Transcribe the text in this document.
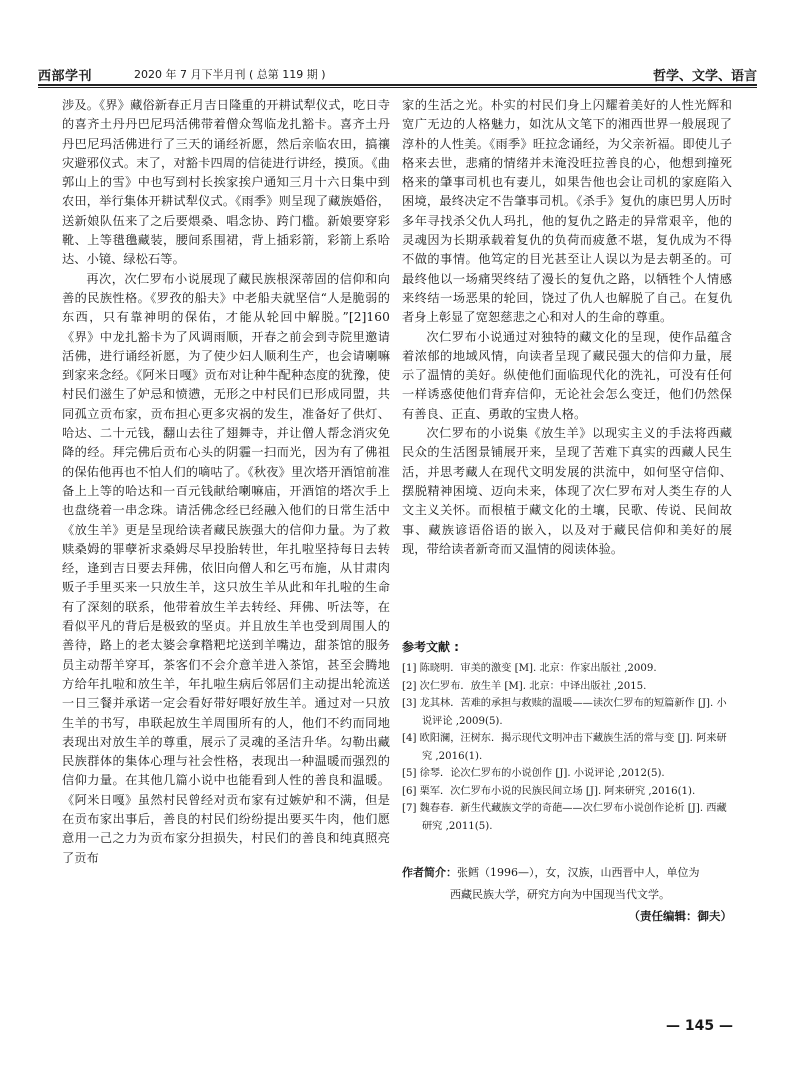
西部学刊	2020 年 7 月下半月刊 ( 总第 119 期 )	哲学、文学、语言

涉及。《界》藏俗新春正月吉日隆重的开耕试犁仪式，吃日寺的喜齐土丹丹巴尼玛活佛带着僧众驾临龙扎豁卡。喜齐土丹丹巴尼玛活佛进行了三天的诵经祈愿，然后亲临农田，搞禳灾避邪仪式。末了，对豁卡四周的信徒进行讲经，摸顶。《曲郭山上的雪》中也写到村长挨家挨户通知三月十六日集中到农田，举行集体开耕试犁仪式。《雨季》则呈现了藏族婚俗，送新娘队伍来了之后要煨桑、唱念协、跨门槛。新娘要穿彩靴、上等氆氇藏装，腰间系围裙，背上插彩箭，彩箭上系哈达、小镜、绿松石等。

再次，次仁罗布小说展现了藏民族根深蒂固的信仰和向善的民族性格。《罗孜的船夫》中老船夫就坚信“人是脆弱的东西，只有靠神明的保佑，才能从轮回中解脱。”[2]160《界》中龙扎豁卡为了风调雨顺，开春之前会到寺院里邀请活佛，进行诵经祈愿，为了使少妇人顺利生产，也会请喇嘛到家来念经。《阿米日嘎》贡布对让种牛配种态度的犹豫，使村民们滋生了妒忌和愤懑，无形之中村民们已形成同盟，共同孤立贡布家，贡布担心更多灾祸的发生，准备好了供灯、哈达、二十元钱，翻山去往了翅舞寺，并让僧人帮念消灾免降的经。拜完佛后贡布心头的阴霾一扫而光，因为有了佛祖的保佑他再也不怕人们的嘀咕了。《秋夜》里次塔开酒馆前准备上上等的哈达和一百元钱献给喇嘛庙，开酒馆的塔次手上也盘绕着一串念珠。请活佛念经已经融入他们的日常生活中《放生羊》更是呈现给读者藏民族强大的信仰力量。为了救赎桑姆的罪孽祈求桑姆尽早投胎转世，年扎啦坚持每日去转经，逢到吉日要去拜佛，依旧向僧人和乞丐布施，从甘肃肉贩子手里买来一只放生羊，这只放生羊从此和年扎啦的生命有了深刻的联系，他带着放生羊去转经、拜佛、听法等，在看似平凡的背后是极致的坚贞。并且放生羊也受到周围人的善待，路上的老太婆会拿糌粑坨送到羊嘴边，甜茶馆的服务员主动帮羊穿耳，茶客们不会介意羊进入茶馆，甚至会腾地方给年扎啦和放生羊，年扎啦生病后邻居们主动提出轮流送一日三餐并承诺一定会看好带好喂好放生羊。通过对一只放生羊的书写，串联起放生羊周围所有的人，他们不约而同地表现出对放生羊的尊重，展示了灵魂的圣洁升华。勾勒出藏民族群体的集体心理与社会性格，表现出一种温暖而强烈的信仰力量。在其他几篇小说中也能看到人性的善良和温暖。《阿米日嘎》虽然村民曾经对贡布家有过嫉妒和不满，但是在贡布家出事后，善良的村民们纷纷提出要买牛肉，他们愿意用一己之力为贡布家分担损失，村民们的善良和纯真照亮了贡布

家的生活之光。朴实的村民们身上闪耀着美好的人性光辉和宽广无边的人格魅力，如沈从文笔下的湘西世界一般展现了淳朴的人性美。《雨季》旺拉念诵经，为父亲祈福。即使儿子格来去世，悲痛的情绪并未淹没旺拉善良的心，他想到撞死格来的肇事司机也有妻儿，如果告他也会让司机的家庭陷入困境，最终决定不告肇事司机。《杀手》复仇的康巴男人历时多年寻找杀父仇人玛扎，他的复仇之路走的异常艰辛，他的灵魂因为长期承载着复仇的负荷而疲惫不堪，复仇成为不得不做的事情。他笃定的目光甚至让人误以为是去朝圣的。可最终他以一场痛哭终结了漫长的复仇之路，以牺牲个人情感来终结一场恶果的轮回，饶过了仇人也解脱了自己。在复仇者身上彰显了宽恕慈悲之心和对人的生命的尊重。

次仁罗布小说通过对独特的藏文化的呈现，使作品蕴含着浓郁的地域风情，向读者呈现了藏民强大的信仰力量，展示了温情的美好。纵使他们面临现代化的洗礼，可没有任何一样诱惑使他们背弃信仰，无论社会怎么变迁，他们仍然保有善良、正直、勇敢的宝贵人格。

次仁罗布的小说集《放生羊》以现实主义的手法将西藏民众的生活图景铺展开来，呈现了苦难下真实的西藏人民生活，并思考藏人在现代文明发展的洪流中，如何坚守信仰、摆脱精神困境、迈向未来，体现了次仁罗布对人类生存的人文主义关怀。而根植于藏文化的土壤，民歌、传说、民间故事、藏族谚语俗语的嵌入，以及对于藏民信仰和美好的展现，带给读者新奇而又温情的阅读体验。

参考文献 :
[1] 陈晓明．审美的激变 [M]. 北京：作家出版社 ,2009.
[2] 次仁罗布．放生羊 [M]. 北京：中译出版社 ,2015.
[3] 龙其林．苦难的承担与救赎的温暖——读次仁罗布的短篇新作 [J]. 小说评论 ,2009(5).
[4] 欧阳澜，汪树东．揭示现代文明冲击下藏族生活的常与变 [J]. 阿来研究 ,2016(1).
[5] 徐琴．论次仁罗布的小说创作 [J]. 小说评论 ,2012(5).
[6] 栗军．次仁罗布小说的民族民间立场 [J]. 阿来研究 ,2016(1).
[7] 魏春春．新生代藏族文学的奇葩——次仁罗布小说创作论析 [J]. 西藏研究 ,2011(5).
作者简介：张鳕（1996—），女，汉族，山西晋中人，单位为
西藏民族大学，研究方向为中国现当代文学。
（责任编辑：御夫）
— 145 —
